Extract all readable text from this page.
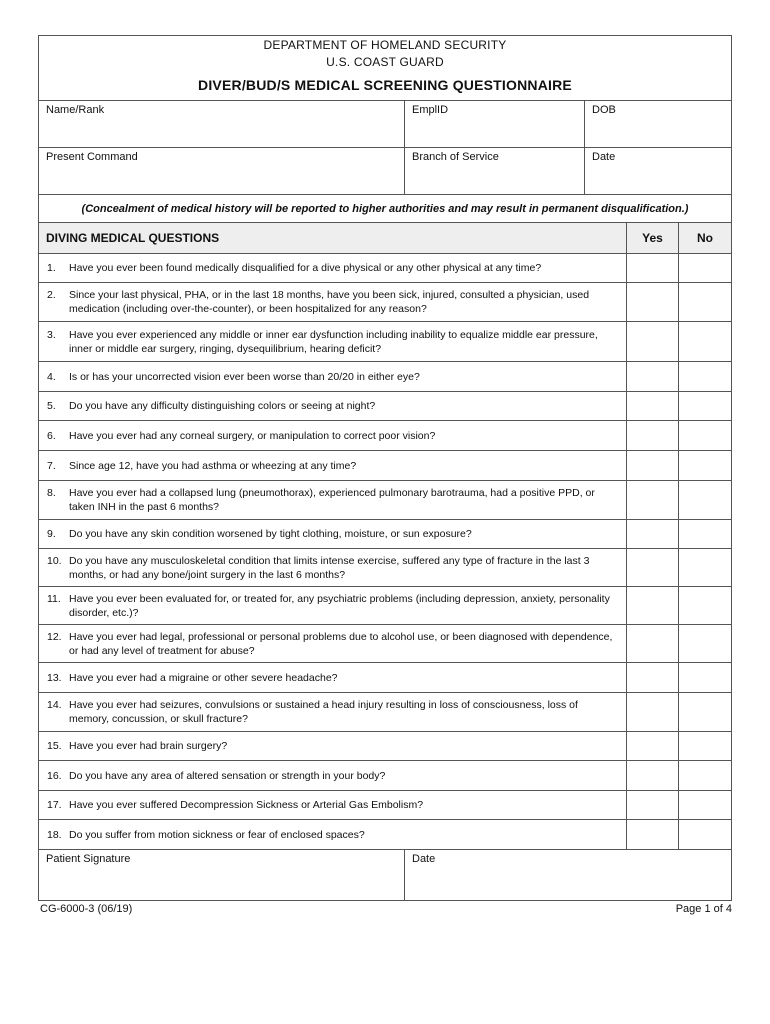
DEPARTMENT OF HOMELAND SECURITY
U.S. COAST GUARD
DIVER/BUD/S MEDICAL SCREENING QUESTIONNAIRE				

Name/Rank	EmplID	DOB		
Present Command	Branch of Service	Date		
(Concealment of medical history will be reported to higher authorities and may result in permanent disqualification.)				
DIVING MEDICAL QUESTIONS			Yes	No

1. Have you ever been found medically disqualified for a dive physical or any other physical at any time?				

2. Since your last physical, PHA, or in the last 18 months, have you been sick, injured, consulted a physician, used medication (including over-the-counter), or been hospitalized for any reason?				

3. Have you ever experienced any middle or inner ear dysfunction including inability to equalize middle ear pressure, inner or middle ear surgery, ringing, dysequilibrium, hearing deficit?				

4. Is or has your uncorrected vision ever been worse than 20/20 in either eye?				

5. Do you have any difficulty distinguishing colors or seeing at night?				

6. Have you ever had any corneal surgery, or manipulation to correct poor vision?				

7. Since age 12, have you had asthma or wheezing at any time?				

8. Have you ever had a collapsed lung (pneumothorax), experienced pulmonary barotrauma, had a positive PPD, or taken INH in the past 6 months?				

9. Do you have any skin condition worsened by tight clothing, moisture, or sun exposure?				

10. Do you have any musculoskeletal condition that limits intense exercise, suffered any type of fracture in the last 3 months, or had any bone/joint surgery in the last 6 months?				

11. Have you ever been evaluated for, or treated for, any psychiatric problems (including depression, anxiety, personality disorder, etc.)?				

12. Have you ever had legal, professional or personal problems due to alcohol use, or been diagnosed with dependence, or had any level of treatment for abuse?				

13. Have you ever had a migraine or other severe headache?				

14. Have you ever had seizures, convulsions or sustained a head injury resulting in loss of consciousness, loss of memory, concussion, or skull fracture?				

15. Have you ever had brain surgery?				

16. Do you have any area of altered sensation or strength in your body?				

17. Have you ever suffered Decompression Sickness or Arterial Gas Embolism?				

18. Do you suffer from motion sickness or fear of enclosed spaces?				

Patient Signature	Date			
CG-6000-3 (06/19)	Page 1 of 4
